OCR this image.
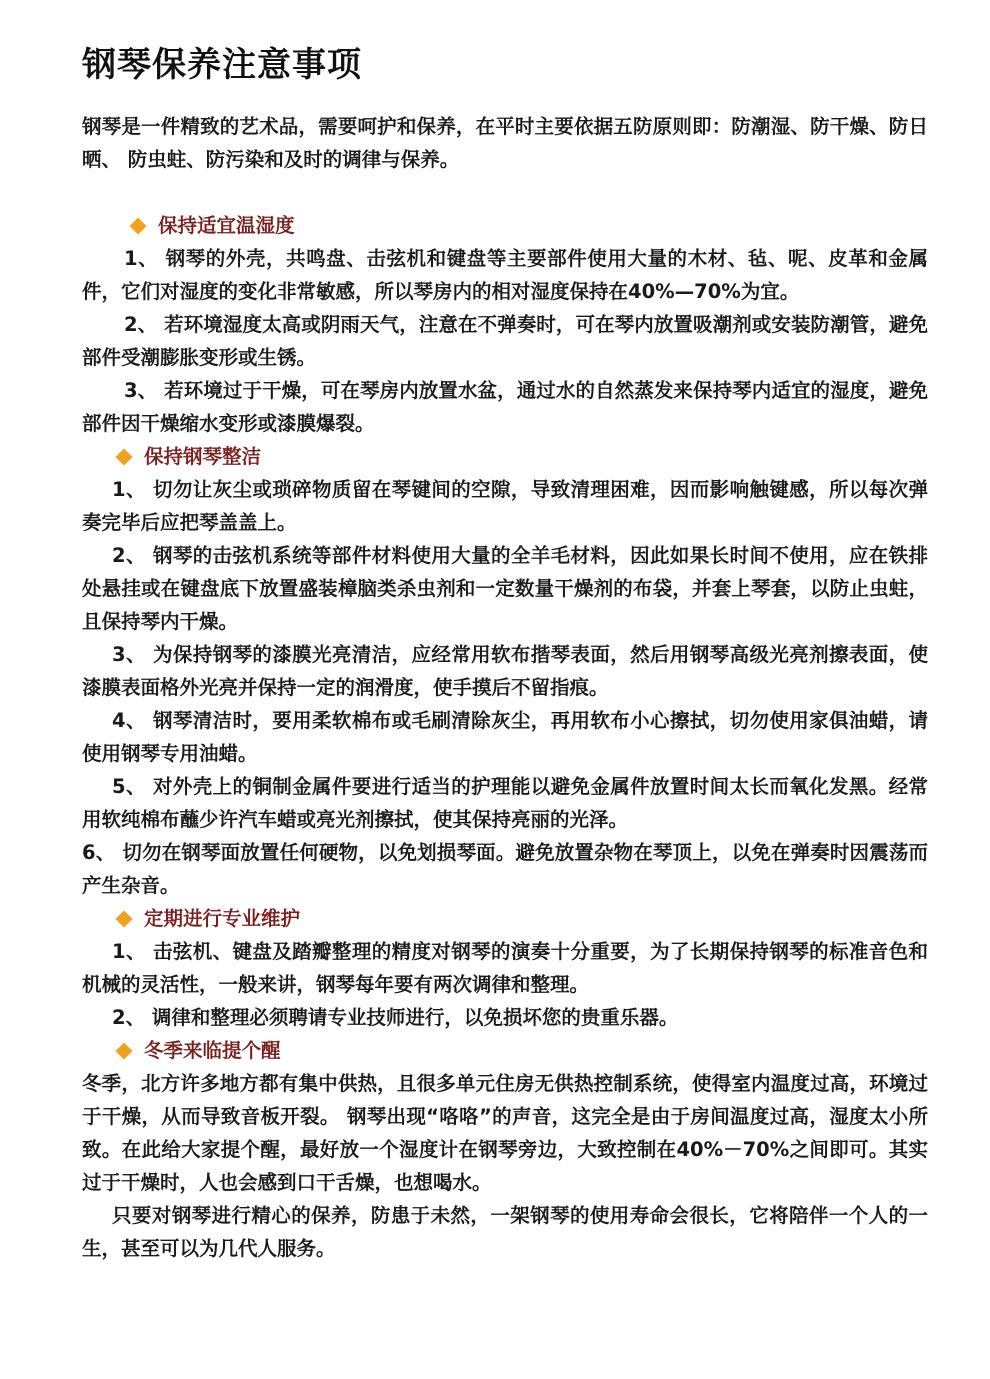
钢琴保养注意事项

钢琴是一件精致的艺术品，需要呵护和保养，在平时主要依据五防原则即：防潮湿、防干燥、防日晒、 防虫蛀、防污染和及时的调律与保养。

保持适宜温湿度

1、 钢琴的外壳，共鸣盘、击弦机和键盘等主要部件使用大量的木材、毡、呢、皮革和金属件，它们对湿度的变化非常敏感，所以琴房内的相对湿度保持在40%—70%为宜。

2、 若环境湿度太高或阴雨天气，注意在不弹奏时，可在琴内放置吸潮剂或安装防潮管，避免部件受潮膨胀变形或生锈。

3、 若环境过于干燥，可在琴房内放置水盆，通过水的自然蒸发来保持琴内适宜的湿度，避免部件因干燥缩水变形或漆膜爆裂。

保持钢琴整洁

1、 切勿让灰尘或琐碎物质留在琴键间的空隙，导致清理困难，因而影响触键感，所以每次弹奏完毕后应把琴盖盖上。

2、 钢琴的击弦机系统等部件材料使用大量的全羊毛材料，因此如果长时间不使用，应在铁排处悬挂或在键盘底下放置盛装樟脑类杀虫剂和一定数量干燥剂的布袋，并套上琴套，以防止虫蛀，且保持琴内干燥。

3、 为保持钢琴的漆膜光亮清洁，应经常用软布揩琴表面，然后用钢琴高级光亮剂擦表面，使漆膜表面格外光亮并保持一定的润滑度，使手摸后不留指痕。

4、 钢琴清洁时，要用柔软棉布或毛刷清除灰尘，再用软布小心擦拭，切勿使用家俱油蜡，请使用钢琴专用油蜡。

5、 对外壳上的铜制金属件要进行适当的护理能以避免金属件放置时间太长而氧化发黑。经常用软纯棉布蘸少许汽车蜡或亮光剂擦拭，使其保持亮丽的光泽。

6、 切勿在钢琴面放置任何硬物，以免划损琴面。避免放置杂物在琴顶上，以免在弹奏时因震荡而产生杂音。

定期进行专业维护

1、 击弦机、键盘及踏瓣整理的精度对钢琴的演奏十分重要，为了长期保持钢琴的标准音色和机械的灵活性，一般来讲，钢琴每年要有两次调律和整理。

2、 调律和整理必须聘请专业技师进行，以免损坏您的贵重乐器。

冬季来临提个醒

冬季，北方许多地方都有集中供热，且很多单元住房无供热控制系统，使得室内温度过高，环境过于干燥，从而导致音板开裂。 钢琴出现“咯咯”的声音，这完全是由于房间温度过高，湿度太小所致。在此给大家提个醒，最好放一个湿度计在钢琴旁边，大致控制在40%－70%之间即可。其实过于干燥时，人也会感到口干舌燥，也想喝水。

只要对钢琴进行精心的保养，防患于未然，一架钢琴的使用寿命会很长，它将陪伴一个人的一生，甚至可以为几代人服务。
